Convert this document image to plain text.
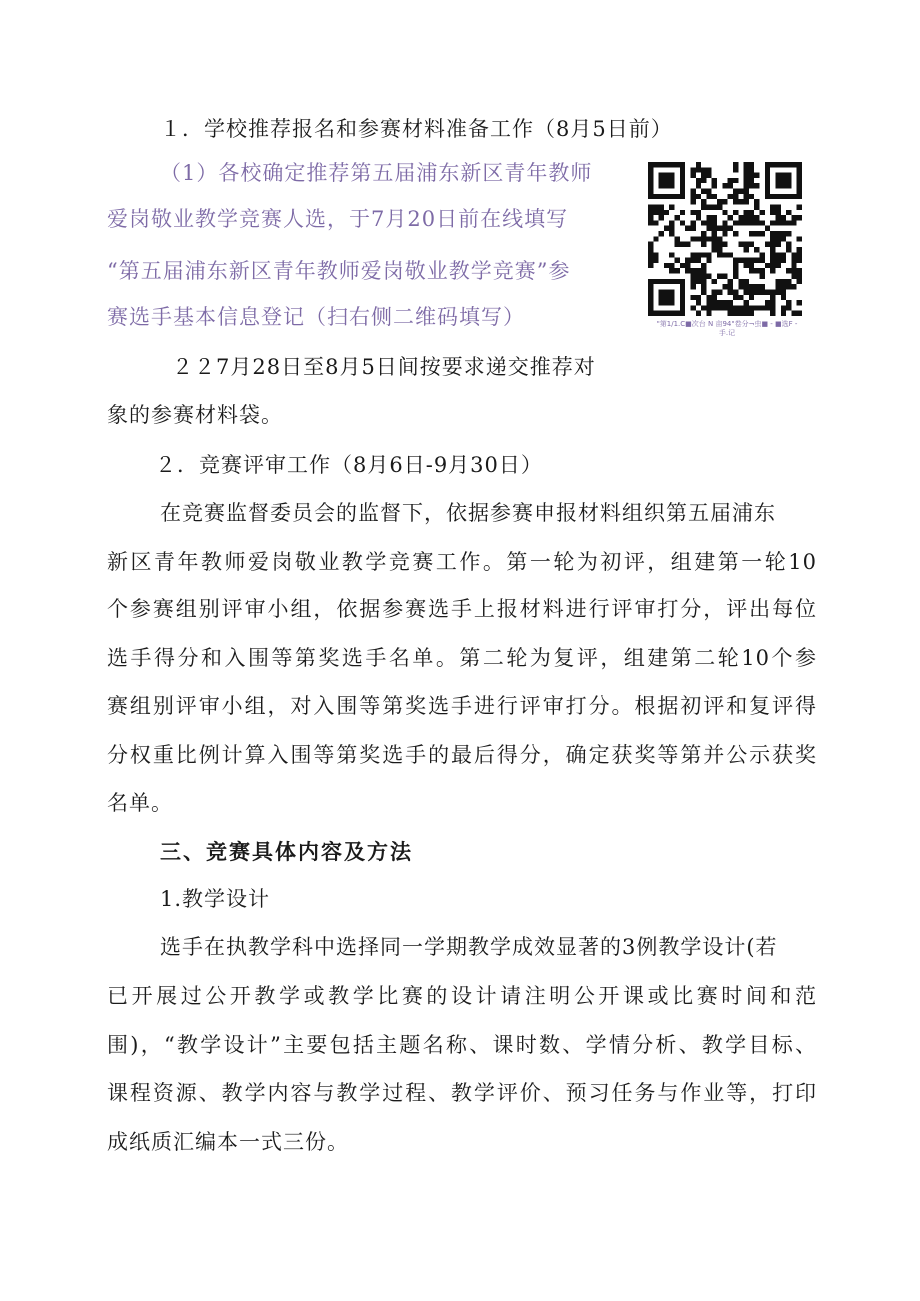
１．学校推荐报名和参赛材料准备工作（8月5日前）
（1）各校确定推荐第五届浦东新区青年教师
爱岗敬业教学竞赛人选，于7月20日前在线填写
“第五届浦东新区青年教师爱岗敬业教学竞赛”参
赛选手基本信息登记（扫右侧二维码填写）	"第1/1.C■次台 N 亩94"卷分¬虫■ - ■选F - 手.记
２２7月28日至8月5日间按要求递交推荐对
象的参赛材料袋。
２．竞赛评审工作（8月6日-9月30日）
在竞赛监督委员会的监督下，依据参赛申报材料组织第五届浦东
新区青年教师爱岗敬业教学竞赛工作。第一轮为初评，组建第一轮10
个参赛组别评审小组，依据参赛选手上报材料进行评审打分，评出每位
选手得分和入围等第奖选手名单。第二轮为复评，组建第二轮10个参
赛组别评审小组，对入围等第奖选手进行评审打分。根据初评和复评得
分权重比例计算入围等第奖选手的最后得分，确定获奖等第并公示获奖
名单。
三、竞赛具体内容及方法
1.教学设计
选手在执教学科中选择同一学期教学成效显著的3例教学设计(若
已开展过公开教学或教学比赛的设计请注明公开课或比赛时间和范
围)，“教学设计”主要包括主题名称、课时数、学情分析、教学目标、
课程资源、教学内容与教学过程、教学评价、预习任务与作业等，打印
成纸质汇编本一式三份。
